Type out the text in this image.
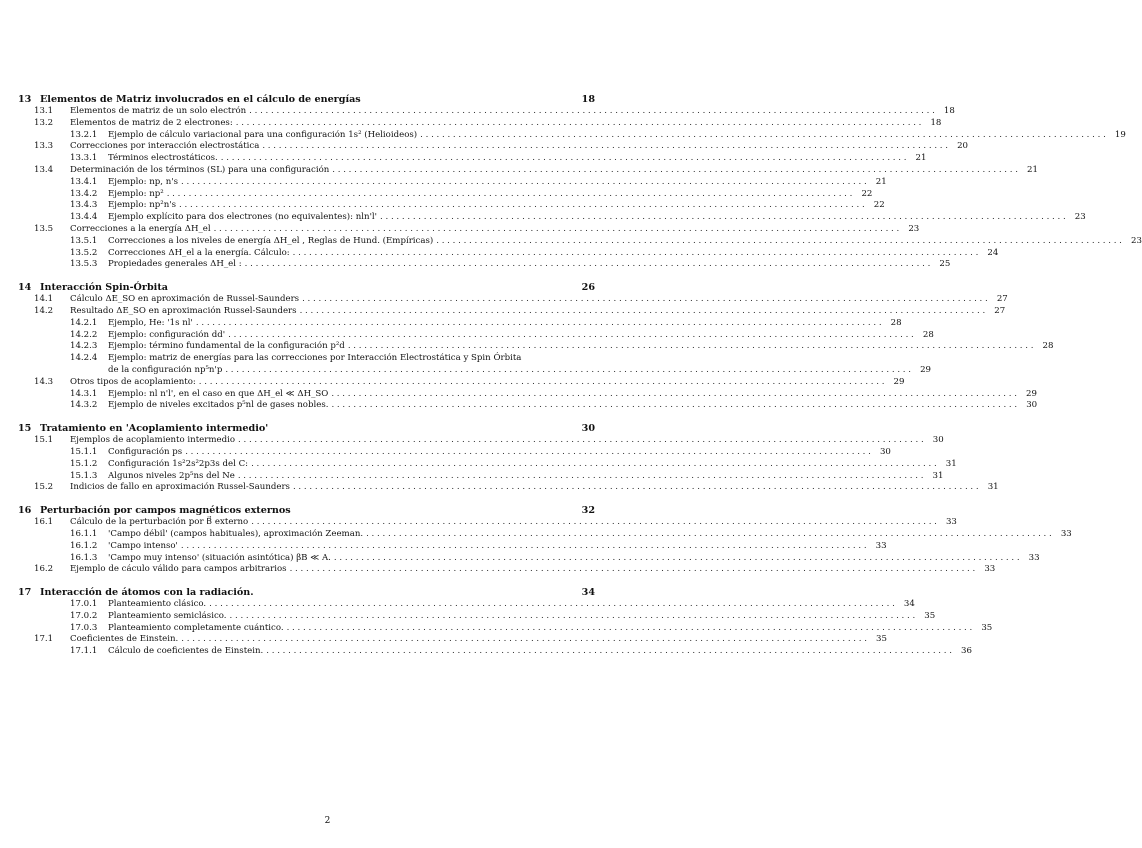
13 Elementos de Matriz involucrados en el cálculo de energías	18
13.1	Elementos de matriz de un solo electrón . . .	18
13.2	Elementos de matriz de 2 electrones: . . .	18
13.2.1	Ejemplo de cálculo variacional para una configuración 1s² (Helioideos) . . .	19
13.3	Correcciones por interacción electrostática . . .	20
13.3.1	Términos electrostáticos. . . .	21
13.4	Determinación de los términos (SL) para una configuración . . .	21
13.4.1	Ejemplo: np, n's . . .	21
13.4.2	Ejemplo: np² . . .	22
13.4.3	Ejemplo: np²n's . . .	22
13.4.4	Ejemplo explícito para dos electrones (no equivalentes): nln'l' . . .	23
13.5	Correcciones a la energía ΔH_el . . .	23
13.5.1	Correcciones a los niveles de energía ΔH_el , Reglas de Hund. (Empíricas) . . .	23
13.5.2	Correcciones ΔH_el a la energía. Cálculo: . . .	24
13.5.3	Propiedades generales ΔH_el : . . .	25
14 Interacción Spin-Órbita	26
14.1	Cálculo ΔE_SO en aproximación de Russel-Saunders . . .	27
14.2	Resultado ΔE_SO en aproximación Russel-Saunders . . .	27
14.2.1	Ejemplo, He: '1s nl' . . .	28
14.2.2	Ejemplo: configuración dd' . . .	28
14.2.3	Ejemplo: término fundamental de la configuración p²d . . .	28
14.2.4	Ejemplo: matriz de energías para las correcciones por Interacción Electrostática y Spin Órbita
de la configuración np⁵n'p . . .	29
14.3	Otros tipos de acoplamiento: . . .	29
14.3.1	Ejemplo: nl n'l', en el caso en que ΔH_el ≪ ΔH_SO . . .	29
14.3.2	Ejemplo de niveles excitados p⁵nl de gases nobles. . . .	30
15 Tratamiento en 'Acoplamiento intermedio'	30
15.1	Ejemplos de acoplamiento intermedio . . .	30
15.1.1	Configuración ps . . .	30
15.1.2	Configuración 1s²2s²2p3s del C: . . .	31
15.1.3	Algunos niveles 2p⁵ns del Ne . . .	31
15.2	Indicios de fallo en aproximación Russel-Saunders . . .	31
16 Perturbación por campos magnéticos externos	32
16.1	Cálculo de la perturbación por B⃗ externo . . .	33
16.1.1	'Campo débil' (campos habituales), aproximación Zeeman. . . .	33
16.1.2	'Campo intenso' . . .	33
16.1.3	'Campo muy intenso' (situación asintótica) βB ≪ A. . . .	33
16.2	Ejemplo de cáculo válido para campos arbitrarios . . .	33
17 Interacción de átomos con la radiación.	34
17.0.1	Planteamiento clásico. . . .	34
17.0.2	Planteamiento semiclásico. . . .	35
17.0.3	Planteamiento completamente cuántico. . . .	35
17.1	Coeficientes de Einstein. . . .	35
17.1.1	Cálculo de coeficientes de Einstein. . . .	36
2
